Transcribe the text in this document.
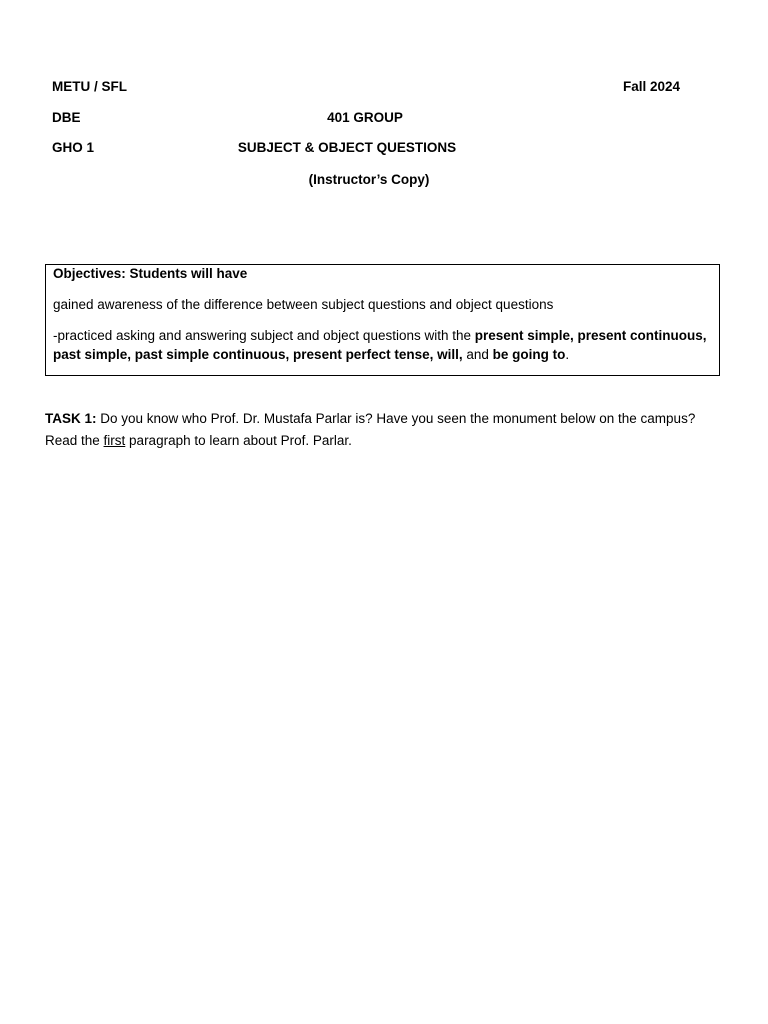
METU / SFL	Fall 2024
DBE	401 GROUP
GHO 1	SUBJECT & OBJECT QUESTIONS
(Instructor’s Copy)
Objectives: Students will have
gained awareness of the difference between subject questions and object questions
-practiced asking and answering subject and object questions with the present simple, present continuous,
past simple, past simple continuous, present perfect tense, will, and be going to.
TASK 1: Do you know who Prof. Dr. Mustafa Parlar is? Have you seen the monument below on the campus?
Read the first paragraph to learn about Prof. Parlar.
